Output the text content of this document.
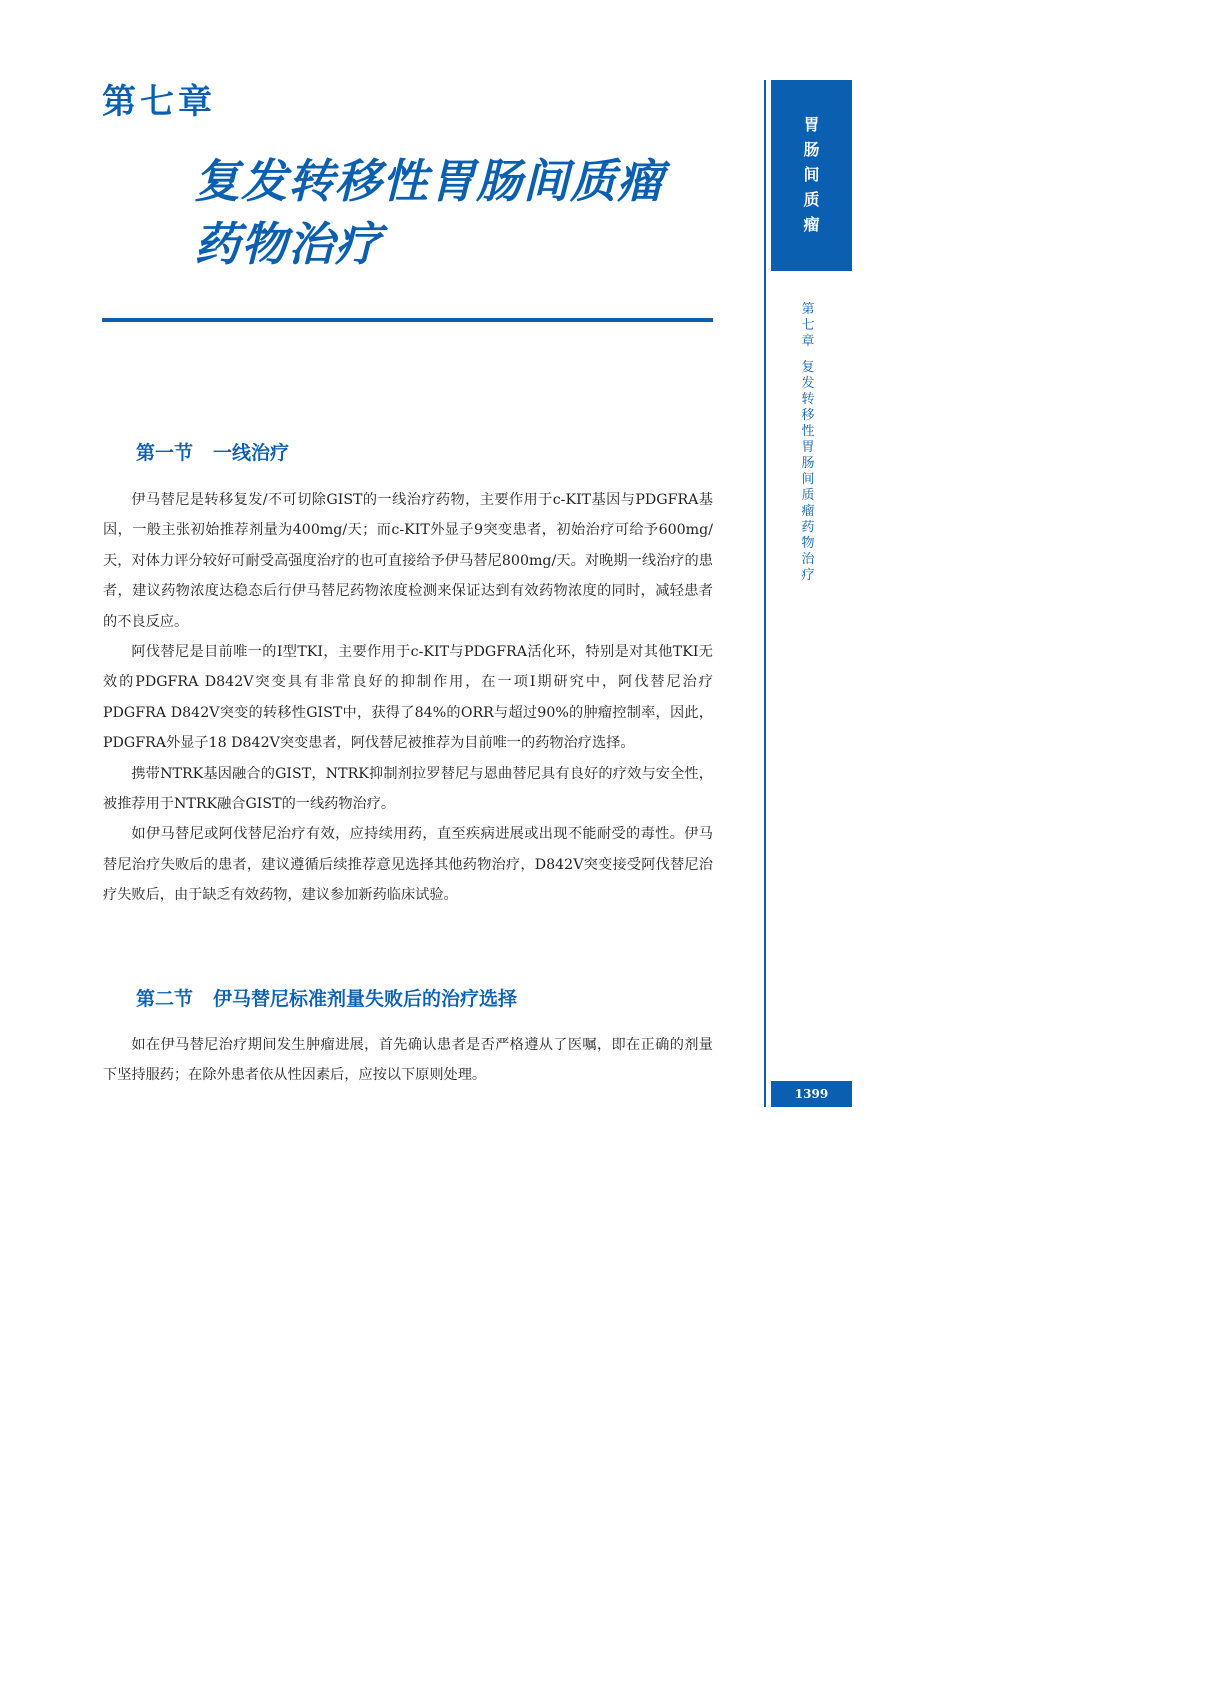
第七章
复发转移性胃肠间质瘤
药物治疗
胃肠间质瘤
第七章
复发转移性胃肠间质瘤药物治疗
1399
第一节 一线治疗

伊马替尼是转移复发/不可切除GIST的一线治疗药物，主要作用于c-KIT基因与PDGFRA基因，一般主张初始推荐剂量为400mg/天；而c-KIT外显子9突变患者，初始治疗可给予600mg/天，对体力评分较好可耐受高强度治疗的也可直接给予伊马替尼800mg/天。对晚期一线治疗的患者，建议药物浓度达稳态后行伊马替尼药物浓度检测来保证达到有效药物浓度的同时，减轻患者的不良反应。

阿伐替尼是目前唯一的Ⅰ型TKI，主要作用于c-KIT与PDGFRA活化环，特别是对其他TKI无效的PDGFRA D842V突变具有非常良好的抑制作用，在一项Ⅰ期研究中，阿伐替尼治疗PDGFRA D842V突变的转移性GIST中，获得了84%的ORR与超过90%的肿瘤控制率，因此，PDGFRA外显子18 D842V突变患者，阿伐替尼被推荐为目前唯一的药物治疗选择。

携带NTRK基因融合的GIST，NTRK抑制剂拉罗替尼与恩曲替尼具有良好的疗效与安全性，被推荐用于NTRK融合GIST的一线药物治疗。

如伊马替尼或阿伐替尼治疗有效，应持续用药，直至疾病进展或出现不能耐受的毒性。伊马替尼治疗失败后的患者，建议遵循后续推荐意见选择其他药物治疗，D842V突变接受阿伐替尼治疗失败后，由于缺乏有效药物，建议参加新药临床试验。

第二节 伊马替尼标准剂量失败后的治疗选择

如在伊马替尼治疗期间发生肿瘤进展，首先确认患者是否严格遵从了医嘱，即在正确的剂量下坚持服药；在除外患者依从性因素后，应按以下原则处理。
